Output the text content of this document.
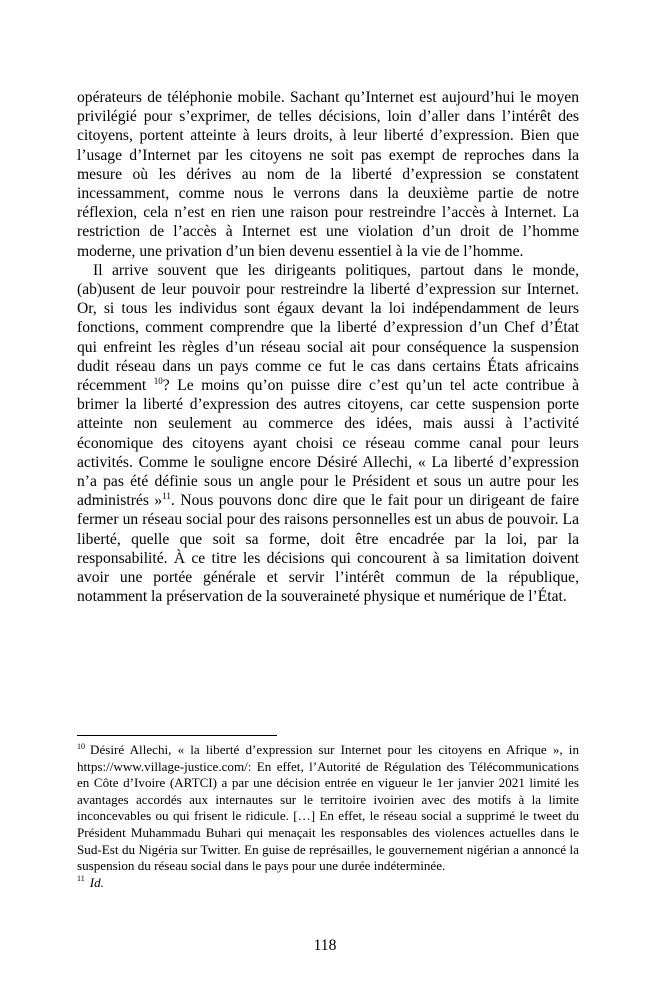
opérateurs de téléphonie mobile. Sachant qu’Internet est aujourd’hui le moyen privilégié pour s’exprimer, de telles décisions, loin d’aller dans l’intérêt des citoyens, portent atteinte à leurs droits, à leur liberté d’expression. Bien que l’usage d’Internet par les citoyens ne soit pas exempt de reproches dans la mesure où les dérives au nom de la liberté d’expression se constatent incessamment, comme nous le verrons dans la deuxième partie de notre réflexion, cela n’est en rien une raison pour restreindre l’accès à Internet. La restriction de l’accès à Internet est une violation d’un droit de l’homme moderne, une privation d’un bien devenu essentiel à la vie de l’homme.

Il arrive souvent que les dirigeants politiques, partout dans le monde, (ab)usent de leur pouvoir pour restreindre la liberté d’expression sur Internet. Or, si tous les individus sont égaux devant la loi indépendamment de leurs fonctions, comment comprendre que la liberté d’expression d’un Chef d’État qui enfreint les règles d’un réseau social ait pour conséquence la suspension dudit réseau dans un pays comme ce fut le cas dans certains États africains récemment $^{10}$? Le moins qu’on puisse dire c’est qu’un tel acte contribue à brimer la liberté d’expression des autres citoyens, car cette suspension porte atteinte non seulement au commerce des idées, mais aussi à l’activité économique des citoyens ayant choisi ce réseau comme canal pour leurs activités. Comme le souligne encore Désiré Allechi, « La liberté d’expression n’a pas été définie sous un angle pour le Président et sous un autre pour les administrés »$^{11}$. Nous pouvons donc dire que le fait pour un dirigeant de faire fermer un réseau social pour des raisons personnelles est un abus de pouvoir. La liberté, quelle que soit sa forme, doit être encadrée par la loi, par la responsabilité. À ce titre les décisions qui concourent à sa limitation doivent avoir une portée générale et servir l’intérêt commun de la république, notamment la préservation de la souveraineté physique et numérique de l’État.

$^{10}$ Désiré Allechi, « la liberté d’expression sur Internet pour les citoyens en Afrique », in https://www.village-justice.com/: En effet, l’Autorité de Régulation des Télécommunications en Côte d’Ivoire (ARTCI) a par une décision entrée en vigueur le 1er janvier 2021 limité les avantages accordés aux internautes sur le territoire ivoirien avec des motifs à la limite inconcevables ou qui frisent le ridicule. […] En effet, le réseau social a supprimé le tweet du Président Muhammadu Buhari qui menaçait les responsables des violences actuelles dans le Sud-Est du Nigéria sur Twitter. En guise de représailles, le gouvernement nigérian a annoncé la suspension du réseau social dans le pays pour une durée indéterminée.

$^{11}$ Id.

118
